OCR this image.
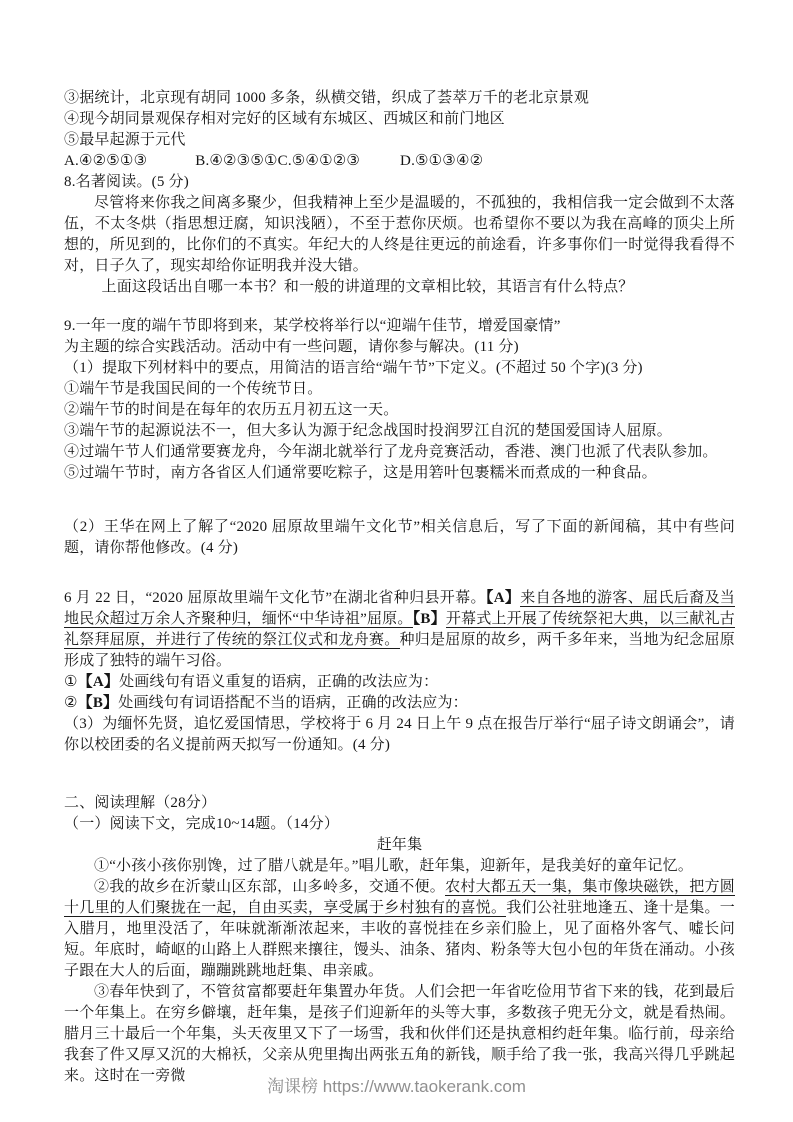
③据统计，北京现有胡同 1000 多条，纵横交错，织成了荟萃万千的老北京景观

④现今胡同景观保存相对完好的区域有东城区、西城区和前门地区

⑤最早起源于元代

A.④②⑤①③	B.④②③⑤①C.⑤④①②③	D.⑤①③④②

8.名著阅读。(5 分)

尽管将来你我之间离多聚少，但我精神上至少是温暖的，不孤独的，我相信我一定会做到不太落伍，不太冬烘（指思想迂腐，知识浅陋），不至于惹你厌烦。也希望你不要以为我在高峰的顶尖上所想的，所见到的，比你们的不真实。年纪大的人终是往更远的前途看，许多事你们一时觉得我看得不对，日子久了，现实却给你证明我并没大错。

上面这段话出自哪一本书？和一般的讲道理的文章相比较，其语言有什么特点？

9.一年一度的端午节即将到来，某学校将举行以“迎端午佳节，增爱国豪情”

为主题的综合实践活动。活动中有一些问题，请你参与解决。(11 分)

（1）提取下列材料中的要点，用简洁的语言给“端午节”下定义。(不超过 50 个字)(3 分)

①端午节是我国民间的一个传统节日。

②端午节的时间是在每年的农历五月初五这一天。

③端午节的起源说法不一，但大多认为源于纪念战国时投润罗江自沉的楚国爱国诗人屈原。

④过端午节人们通常要赛龙舟，今年湖北就举行了龙舟竞赛活动，香港、澳门也派了代表队参加。

⑤过端午节时，南方各省区人们通常要吃粽子，这是用箬叶包裹糯米而煮成的一种食品。

（2）王华在网上了解了“2020 屈原故里端午文化节”相关信息后，写了下面的新闻稿，其中有些问题，请你帮他修改。(4 分)

6 月 22 日，“2020 屈原故里端午文化节”在湖北省种归县开幕。【A】来自各地的游客、屈氏后裔及当地民众超过万余人齐聚种归，缅怀“中华诗祖”屈原。【B】开幕式上开展了传统祭祀大典，以三献礼古礼祭拜屈原，并进行了传统的祭江仪式和龙舟赛。种归是屈原的故乡，两千多年来，当地为纪念屈原形成了独特的端午习俗。

①【A】处画线句有语义重复的语病，正确的改法应为：

②【B】处画线句有词语搭配不当的语病，正确的改法应为：

（3）为缅怀先贤，追忆爱国情思，学校将于 6 月 24 日上午 9 点在报告厅举行“屈子诗文朗诵会”，请你以校团委的名义提前两天拟写一份通知。(4 分)

二、阅读理解（28分）

（一）阅读下文，完成10~14题。（14分）

赶年集

①“小孩小孩你别馋，过了腊八就是年。”唱儿歌，赶年集，迎新年，是我美好的童年记忆。

②我的故乡在沂蒙山区东部，山多岭多，交通不便。农村大都五天一集，集市像块磁铁，把方圆十几里的人们聚拢在一起，自由买卖，享受属于乡村独有的喜悦。我们公社驻地逢五、逢十是集。一入腊月，地里没活了，年味就渐渐浓起来，丰收的喜悦挂在乡亲们脸上，见了面格外客气、嘘长问短。年底时，崎岖的山路上人群熙来攘往，馒头、油条、猪肉、粉条等大包小包的年货在涌动。小孩子跟在大人的后面，蹦蹦跳跳地赶集、串亲戚。

③春年快到了，不管贫富都要赶年集置办年货。人们会把一年省吃俭用节省下来的钱，花到最后一个年集上。在穷乡僻壤，赶年集，是孩子们迎新年的头等大事，多数孩子兜无分文，就是看热闹。腊月三十最后一个年集，头天夜里又下了一场雪，我和伙伴们还是执意相约赶年集。临行前，母亲给我套了件又厚又沉的大棉袄，父亲从兜里掏出两张五角的新钱，顺手给了我一张，我高兴得几乎跳起来。这时在一旁微

淘课榜 https://www.taokerank.com
